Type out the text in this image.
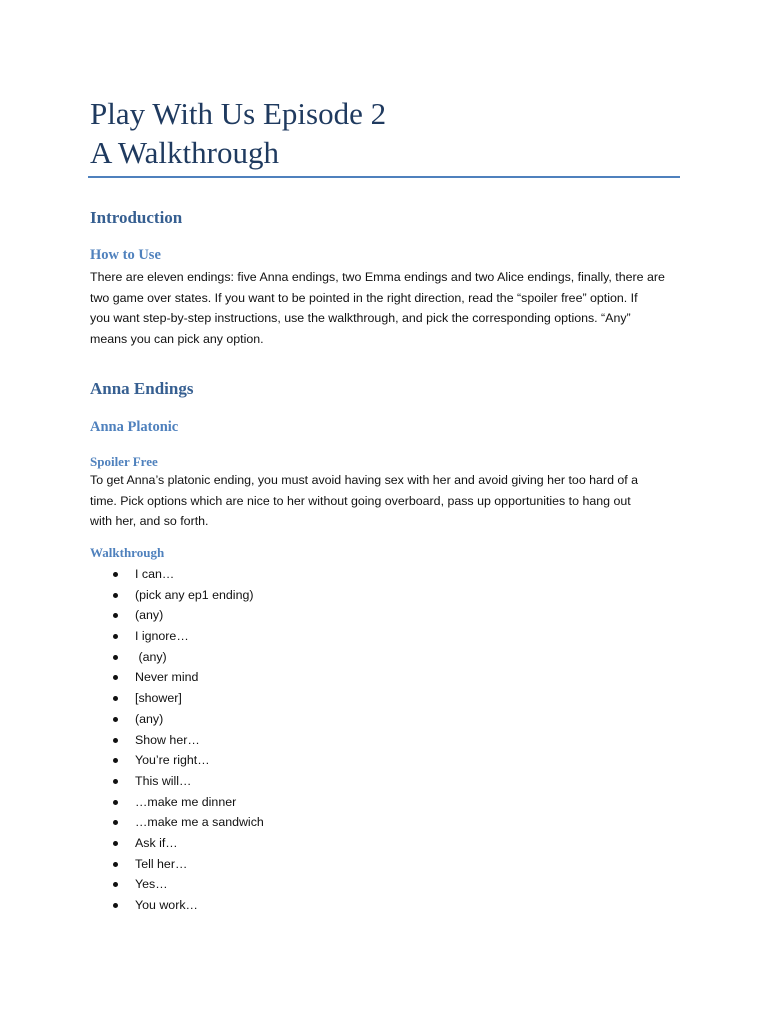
Play With Us Episode 2
A Walkthrough
Introduction
How to Use
There are eleven endings: five Anna endings, two Emma endings and two Alice endings, finally, there are
two game over states. If you want to be pointed in the right direction, read the “spoiler free” option. If
you want step-by-step instructions, use the walkthrough, and pick the corresponding options. “Any”
means you can pick any option.
Anna Endings
Anna Platonic
Spoiler Free
To get Anna’s platonic ending, you must avoid having sex with her and avoid giving her too hard of a
time. Pick options which are nice to her without going overboard, pass up opportunities to hang out
with her, and so forth.
Walkthrough
I can…
(pick any ep1 ending)
(any)
I ignore…
(any)
Never mind
[shower]
(any)
Show her…
You’re right…
This will…
…make me dinner
…make me a sandwich
Ask if…
Tell her…
Yes…
You work…
